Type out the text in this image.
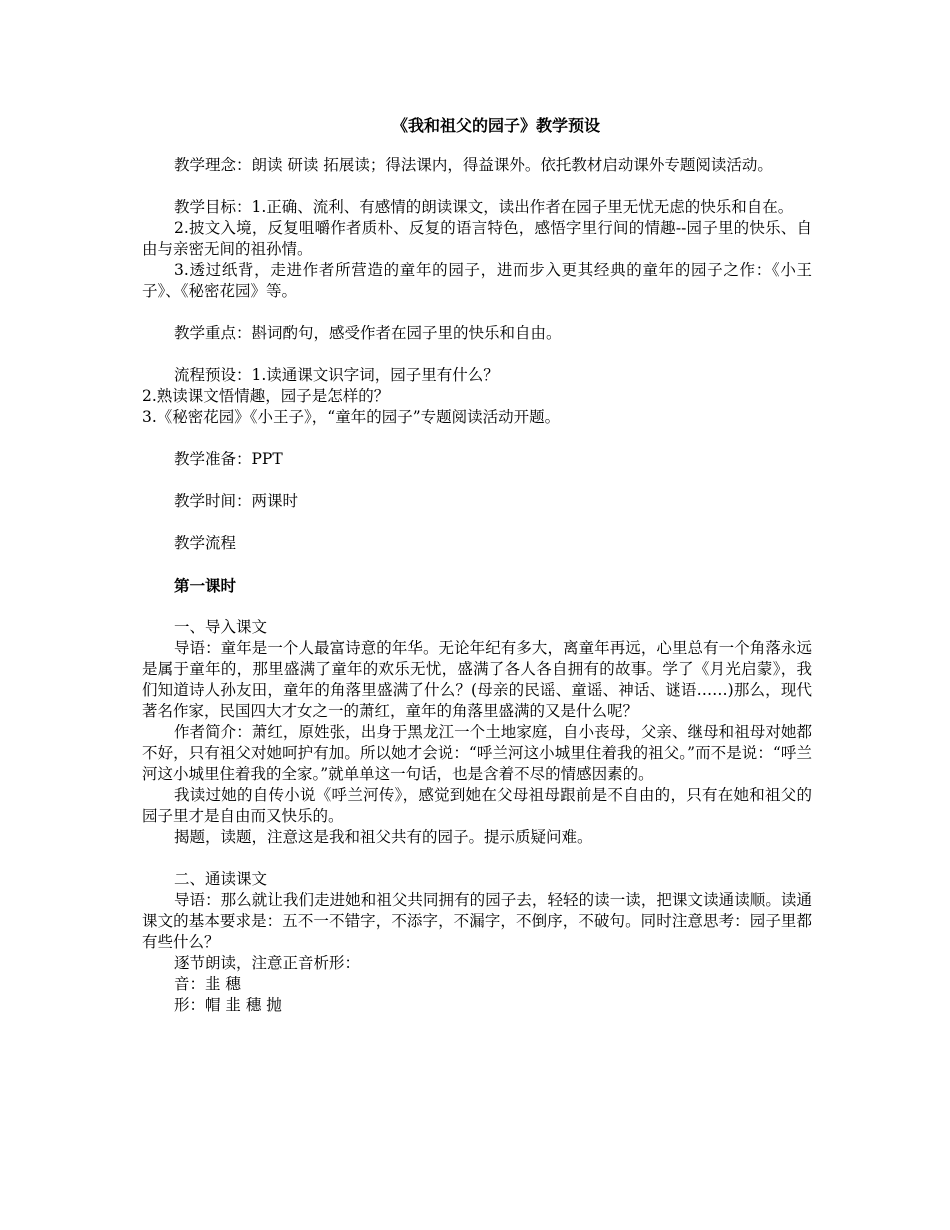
《我和祖父的园子》教学预设

教学理念：朗读 研读 拓展读；得法课内，得益课外。依托教材启动课外专题阅读活动。

教学目标：1.正确、流利、有感情的朗读课文，读出作者在园子里无忧无虑的快乐和自在。

2.披文入境，反复咀嚼作者质朴、反复的语言特色，感悟字里行间的情趣--园子里的快乐、自由与亲密无间的祖孙情。

3.透过纸背，走进作者所营造的童年的园子，进而步入更其经典的童年的园子之作：《小王子》、《秘密花园》等。

教学重点：斟词酌句，感受作者在园子里的快乐和自由。

流程预设：1.读通课文识字词，园子里有什么？

2.熟读课文悟情趣，园子是怎样的？

3.《秘密花园》《小王子》，“童年的园子”专题阅读活动开题。

教学准备：PPT

教学时间：两课时

教学流程

第一课时

一、导入课文

导语：童年是一个人最富诗意的年华。无论年纪有多大，离童年再远，心里总有一个角落永远是属于童年的，那里盛满了童年的欢乐无忧，盛满了各人各自拥有的故事。学了《月光启蒙》，我们知道诗人孙友田，童年的角落里盛满了什么？(母亲的民谣、童谣、神话、谜语……)那么，现代著名作家，民国四大才女之一的萧红，童年的角落里盛满的又是什么呢？

作者简介：萧红，原姓张，出身于黑龙江一个土地家庭，自小丧母，父亲、继母和祖母对她都不好，只有祖父对她呵护有加。所以她才会说：“呼兰河这小城里住着我的祖父。”而不是说：“呼兰河这小城里住着我的全家。”就单单这一句话，也是含着不尽的情感因素的。

我读过她的自传小说《呼兰河传》，感觉到她在父母祖母跟前是不自由的，只有在她和祖父的园子里才是自由而又快乐的。

揭题，读题，注意这是我和祖父共有的园子。提示质疑问难。

二、通读课文

导语：那么就让我们走进她和祖父共同拥有的园子去，轻轻的读一读，把课文读通读顺。读通课文的基本要求是：五不一不错字，不添字，不漏字，不倒序，不破句。同时注意思考：园子里都有些什么？

逐节朗读，注意正音析形：

音：韭 穗

形：帽 韭 穗 抛
